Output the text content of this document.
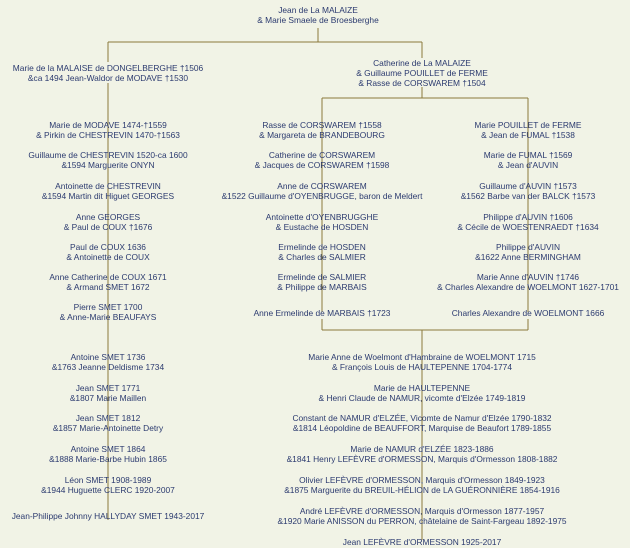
Jean de La MALAIZE
& Marie Smaele de Broesberghe
Marie de la MALAISE de DONGELBERGHE †1506
&ca 1494 Jean-Waldor de MODAVE †1530
Catherine de La MALAIZE
& Guillaume POUILLET de FERME
& Rasse de CORSWAREM †1504
Marie de MODAVE 1474-†1559
& Pirkin de CHESTREVIN 1470-†1563
Guillaume de CHESTREVIN 1520-ca 1600
&1594 Marguerite ONYN
Antoinette de CHESTREVIN
&1594 Martin dit Higuet GEORGES
Anne GEORGES
& Paul de COUX †1676
Paul de COUX 1636
& Antoinette de COUX
Anne Catherine de COUX 1671
& Armand SMET 1672
Pierre SMET 1700
& Anne-Marie BEAUFAYS
Antoine SMET 1736
&1763 Jeanne Deldisme 1734
Jean SMET 1771
&1807 Marie Maillen
Jean SMET 1812
&1857 Marie-Antoinette Detry
Antoine SMET 1864
&1888 Marie-Barbe Hubin 1865
Léon SMET 1908-1989
&1944 Huguette CLERC 1920-2007
Jean-Philippe Johnny HALLYDAY SMET 1943-2017
Rasse de CORSWAREM †1558
& Margareta de BRANDEBOURG
Catherine de CORSWAREM
& Jacques de CORSWAREM †1598
Anne de CORSWAREM
&1522 Guillaume d'OYENBRUGGE, baron de Meldert
Antoinette d'OYENBRUGGHE
& Eustache de HOSDEN
Ermelinde de HOSDEN
& Charles de SALMIER
Ermelinde de SALMIER
& Philippe de MARBAIS
Anne Ermelinde de MARBAIS †1723
Marie POUILLET de FERME
& Jean de FUMAL †1538
Marie de FUMAL †1569
& Jean d'AUVIN
Guillaume d'AUVIN †1573
&1562 Barbe van der BALCK †1573
Philippe d'AUVIN †1606
& Cécile de WOESTENRAEDT †1634
Philippe d'AUVIN
&1622 Anne BERMINGHAM
Marie Anne d'AUVIN †1746
& Charles Alexandre de WOELMONT 1627-1701
Charles Alexandre de WOELMONT 1666
Marie Anne de Woelmont d'Hambraine de WOELMONT 1715
& François Louis de HAULTEPENNE 1704-1774
Marie de HAULTEPENNE
& Henri Claude de NAMUR, vicomte d'Elzée 1749-1819
Constant de NAMUR d'ELZÉE, Vicomte de Namur d'Elzée 1790-1832
&1814 Léopoldine de BEAUFFORT, Marquise de Beaufort 1789-1855
Marie de NAMUR d'ELZÉE 1823-1886
&1841 Henry LEFÈVRE d'ORMESSON, Marquis d'Ormesson 1808-1882
Olivier LEFÈVRE d'ORMESSON, Marquis d'Ormesson 1849-1923
&1875 Marguerite du BREUIL-HÉLION de LA GUÉRONNIÈRE 1854-1916
André LEFÈVRE d'ORMESSON, Marquis d'Ormesson 1877-1957
&1920 Marie ANISSON du PERRON, châtelaine de Saint-Fargeau 1892-1975
Jean LEFÈVRE d'ORMESSON 1925-2017
